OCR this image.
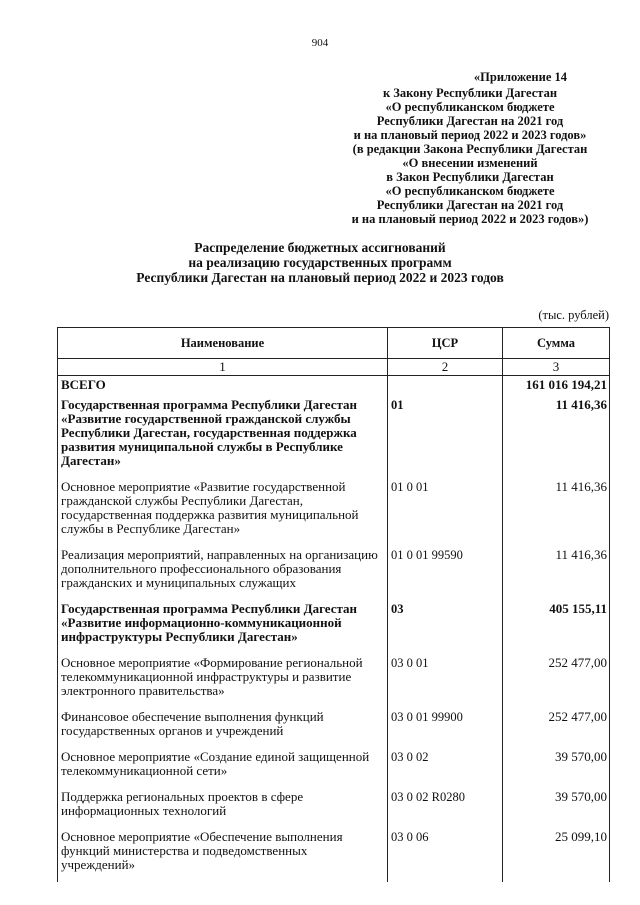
904
«Приложение 14
к Закону Республики Дагестан
«О республиканском бюджете
Республики Дагестан на 2021 год
и на плановый период 2022 и 2023 годов»
(в редакции Закона Республики Дагестан
«О внесении изменений
в Закон Республики Дагестан
«О республиканском бюджете
Республики Дагестан на 2021 год
и на плановый период 2022 и 2023 годов»)
Распределение бюджетных ассигнований
на реализацию государственных программ
Республики Дагестан на плановый период 2022 и 2023 годов
(тыс. рублей)
Наименование	ЦСР	Сумма
1	2	3
ВСЕГО		161 016 194,21
Государственная программа Республики Дагестан «Развитие государственной гражданской службы Республики Дагестан, государственная поддержка развития муниципальной службы в Республике Дагестан»	01	11 416,36
Основное мероприятие «Развитие государственной гражданской службы Республики Дагестан, государственная поддержка развития муниципальной службы в Республике Дагестан»	01 0 01	11 416,36
Реализация мероприятий, направленных на организацию дополнительного профессионального образования гражданских и муниципальных служащих	01 0 01 99590	11 416,36
Государственная программа Республики Дагестан «Развитие информационно-коммуникационной инфраструктуры Республики Дагестан»	03	405 155,11
Основное мероприятие «Формирование региональной телекоммуникационной инфраструктуры и развитие электронного правительства»	03 0 01	252 477,00
Финансовое обеспечение выполнения функций государственных органов и учреждений	03 0 01 99900	252 477,00
Основное мероприятие «Создание единой защищенной телекоммуникационной сети»	03 0 02	39 570,00
Поддержка региональных проектов в сфере информационных технологий	03 0 02 R0280	39 570,00
Основное мероприятие «Обеспечение выполнения функций министерства и подведомственных учреждений»	03 0 06	25 099,10
